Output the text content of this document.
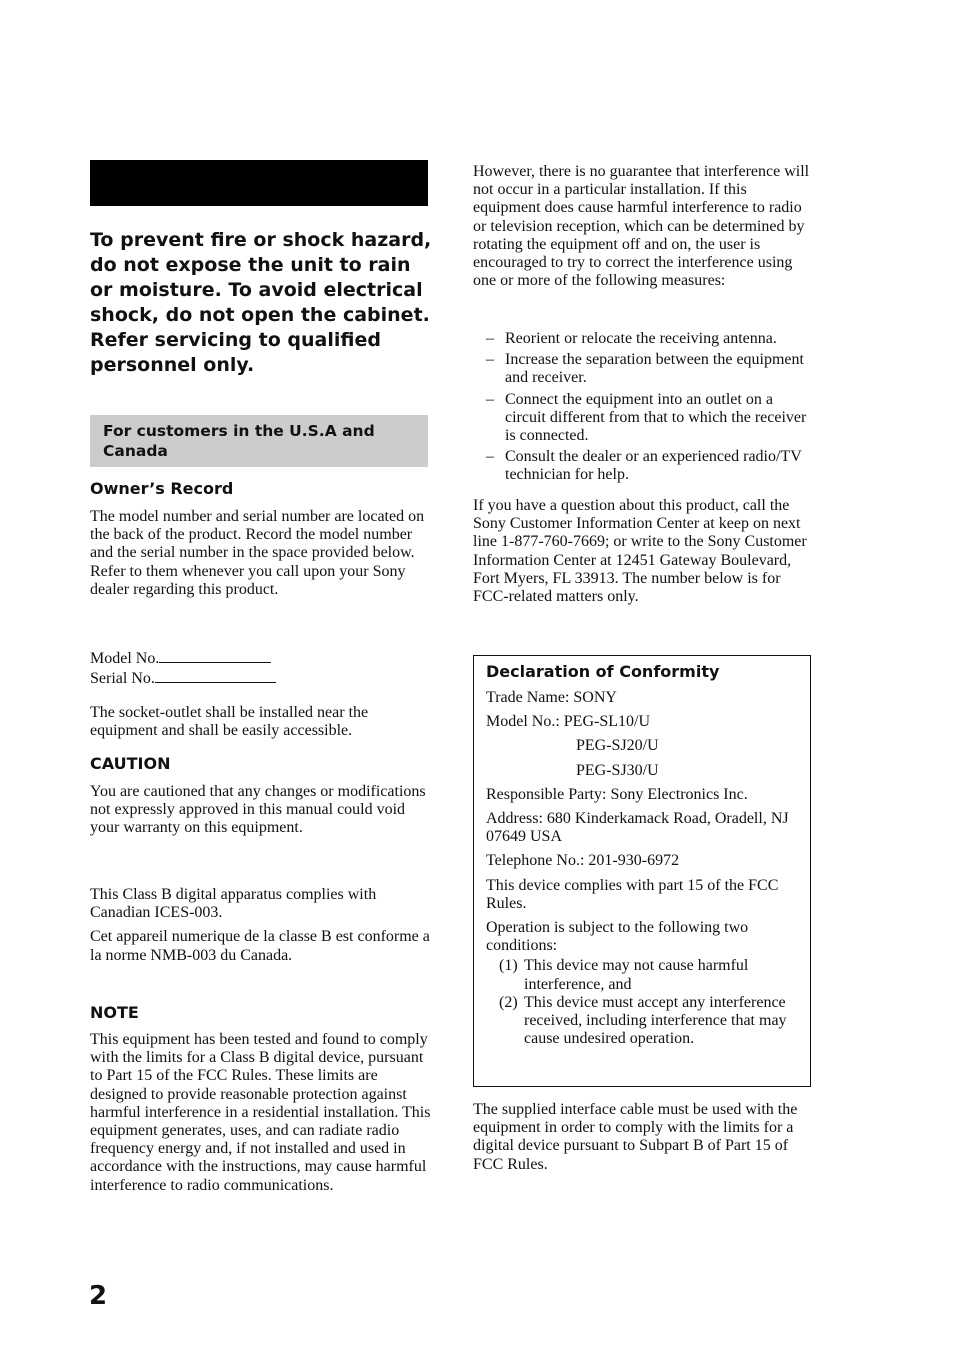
To prevent fire or shock hazard, do not expose the unit to rain or moisture. To avoid electrical shock, do not open the cabinet. Refer servicing to qualified personnel only.

For customers in the U.S.A and Canada

Owner’s Record

The model number and serial number are located on the back of the product. Record the model number and the serial number in the space provided below. Refer to them whenever you call upon your Sony dealer regarding this product.

Model No.

Serial No.

The socket-outlet shall be installed near the equipment and shall be easily accessible.

CAUTION

You are cautioned that any changes or modifications not expressly approved in this manual could void your warranty on this equipment.

This Class B digital apparatus complies with Canadian ICES-003.

Cet appareil numerique de la classe B est conforme a la norme NMB-003 du Canada.

NOTE

This equipment has been tested and found to comply with the limits for a Class B digital device, pursuant to Part 15 of the FCC Rules. These limits are designed to provide reasonable protection against harmful interference in a residential installation. This equipment generates, uses, and can radiate radio frequency energy and, if not installed and used in accordance with the instructions, may cause harmful interference to radio communications.

However, there is no guarantee that interference will not occur in a particular installation. If this equipment does cause harmful interference to radio or television reception, which can be determined by rotating the equipment off and on, the user is encouraged to try to correct the interference using one or more of the following measures:

– Reorient or relocate the receiving antenna.
– Increase the separation between the equipment and receiver.
– Connect the equipment into an outlet on a circuit different from that to which the receiver is connected.
– Consult the dealer or an experienced radio/TV technician for help.

If you have a question about this product, call the Sony Customer Information Center at keep on next line 1-877-760-7669; or write to the Sony Customer Information Center at 12451 Gateway Boulevard, Fort Myers, FL 33913. The number below is for FCC-related matters only.

Declaration of Conformity

Trade Name: SONY

Model No.: PEG-SL10/U

PEG-SJ20/U

PEG-SJ30/U

Responsible Party: Sony Electronics Inc.

Address: 680 Kinderkamack Road, Oradell, NJ 07649 USA

Telephone No.: 201-930-6972

This device complies with part 15 of the FCC Rules.

Operation is subject to the following two conditions:

(1) This device may not cause harmful interference, and
(2) This device must accept any interference received, including interference that may cause undesired operation.

The supplied interface cable must be used with the equipment in order to comply with the limits for a digital device pursuant to Subpart B of Part 15 of FCC Rules.

2
